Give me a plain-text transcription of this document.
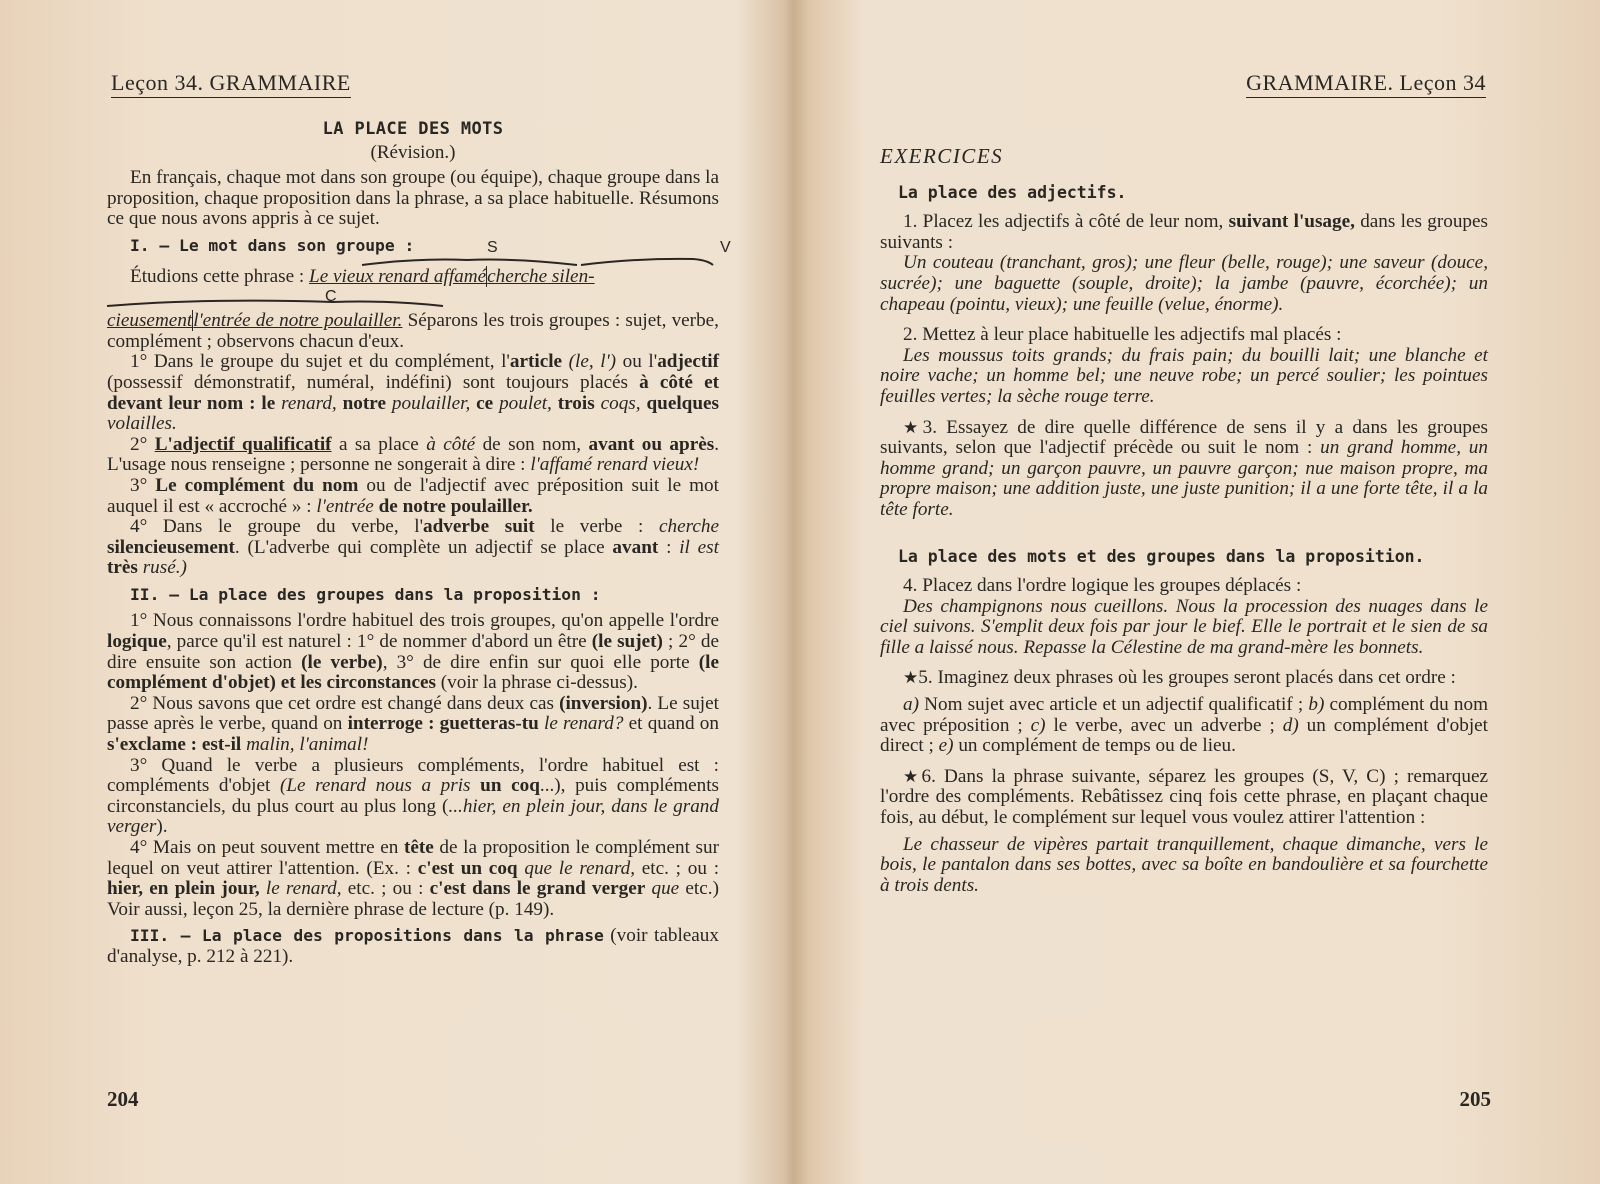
Leçon 34. GRAMMAIRE
LA PLACE DES MOTS
(Révision.)

En français, chaque mot dans son groupe (ou équipe), chaque groupe dans la proposition, chaque proposition dans la phrase, a sa place habituelle. Résumons ce que nous avons appris à ce sujet.

I. — Le mot dans son groupe :	S	V

Étudions cette phrase : Le vieux renard affamécherche silen-

C

cieusementl'entrée de notre poulailler. Séparons les trois groupes : sujet, verbe, complément ; observons chacun d'eux.

1° Dans le groupe du sujet et du complément, l'article (le, l') ou l'adjectif (possessif démonstratif, numéral, indéfini) sont toujours placés à côté et devant leur nom : le renard, notre poulailler, ce poulet, trois coqs, quelques volailles.

2° L'adjectif qualificatif a sa place à côté de son nom, avant ou après. L'usage nous renseigne ; personne ne songerait à dire : l'affamé renard vieux!

3° Le complément du nom ou de l'adjectif avec préposition suit le mot auquel il est « accroché » : l'entrée de notre poulailler.

4° Dans le groupe du verbe, l'adverbe suit le verbe : cherche silencieusement. (L'adverbe qui complète un adjectif se place avant : il est très rusé.)

II. — La place des groupes dans la proposition :

1° Nous connaissons l'ordre habituel des trois groupes, qu'on appelle l'ordre logique, parce qu'il est naturel : 1° de nommer d'abord un être (le sujet) ; 2° de dire ensuite son action (le verbe), 3° de dire enfin sur quoi elle porte (le complément d'objet) et les circonstances (voir la phrase ci-dessus).

2° Nous savons que cet ordre est changé dans deux cas (inversion). Le sujet passe après le verbe, quand on interroge : guetteras-tu le renard? et quand on s'exclame : est-il malin, l'animal!

3° Quand le verbe a plusieurs compléments, l'ordre habituel est : compléments d'objet (Le renard nous a pris un coq...), puis compléments circonstanciels, du plus court au plus long (...hier, en plein jour, dans le grand verger).

4° Mais on peut souvent mettre en tête de la proposition le complément sur lequel on veut attirer l'attention. (Ex. : c'est un coq que le renard, etc. ; ou : hier, en plein jour, le renard, etc. ; ou : c'est dans le grand verger que etc.) Voir aussi, leçon 25, la dernière phrase de lecture (p. 149).

III. — La place des propositions dans la phrase (voir tableaux d'analyse, p. 212 à 221).

204
GRAMMAIRE. Leçon 34
EXERCICES
La place des adjectifs.

1. Placez les adjectifs à côté de leur nom, suivant l'usage, dans les groupes suivants :

Un couteau (tranchant, gros); une fleur (belle, rouge); une saveur (douce, sucrée); une baguette (souple, droite); la jambe (pauvre, écorchée); un chapeau (pointu, vieux); une feuille (velue, énorme).

2. Mettez à leur place habituelle les adjectifs mal placés :

Les moussus toits grands; du frais pain; du bouilli lait; une blanche et noire vache; un homme bel; une neuve robe; un percé soulier; les pointues feuilles vertes; la sèche rouge terre.

★3. Essayez de dire quelle différence de sens il y a dans les groupes suivants, selon que l'adjectif précède ou suit le nom : un grand homme, un homme grand; un garçon pauvre, un pauvre garçon; nue maison propre, ma propre maison; une addition juste, une juste punition; il a une forte tête, il a la tête forte.

La place des mots et des groupes dans la proposition.

4. Placez dans l'ordre logique les groupes déplacés :

Des champignons nous cueillons. Nous la procession des nuages dans le ciel suivons. S'emplit deux fois par jour le bief. Elle le portrait et le sien de sa fille a laissé nous. Repasse la Célestine de ma grand-mère les bonnets.

★5. Imaginez deux phrases où les groupes seront placés dans cet ordre :

a) Nom sujet avec article et un adjectif qualificatif ; b) complément du nom avec préposition ; c) le verbe, avec un adverbe ; d) un complément d'objet direct ; e) un complément de temps ou de lieu.

★6. Dans la phrase suivante, séparez les groupes (S, V, C) ; remarquez l'ordre des compléments. Rebâtissez cinq fois cette phrase, en plaçant chaque fois, au début, le complément sur lequel vous voulez attirer l'attention :

Le chasseur de vipères partait tranquillement, chaque dimanche, vers le bois, le pantalon dans ses bottes, avec sa boîte en bandoulière et sa fourchette à trois dents.

205
